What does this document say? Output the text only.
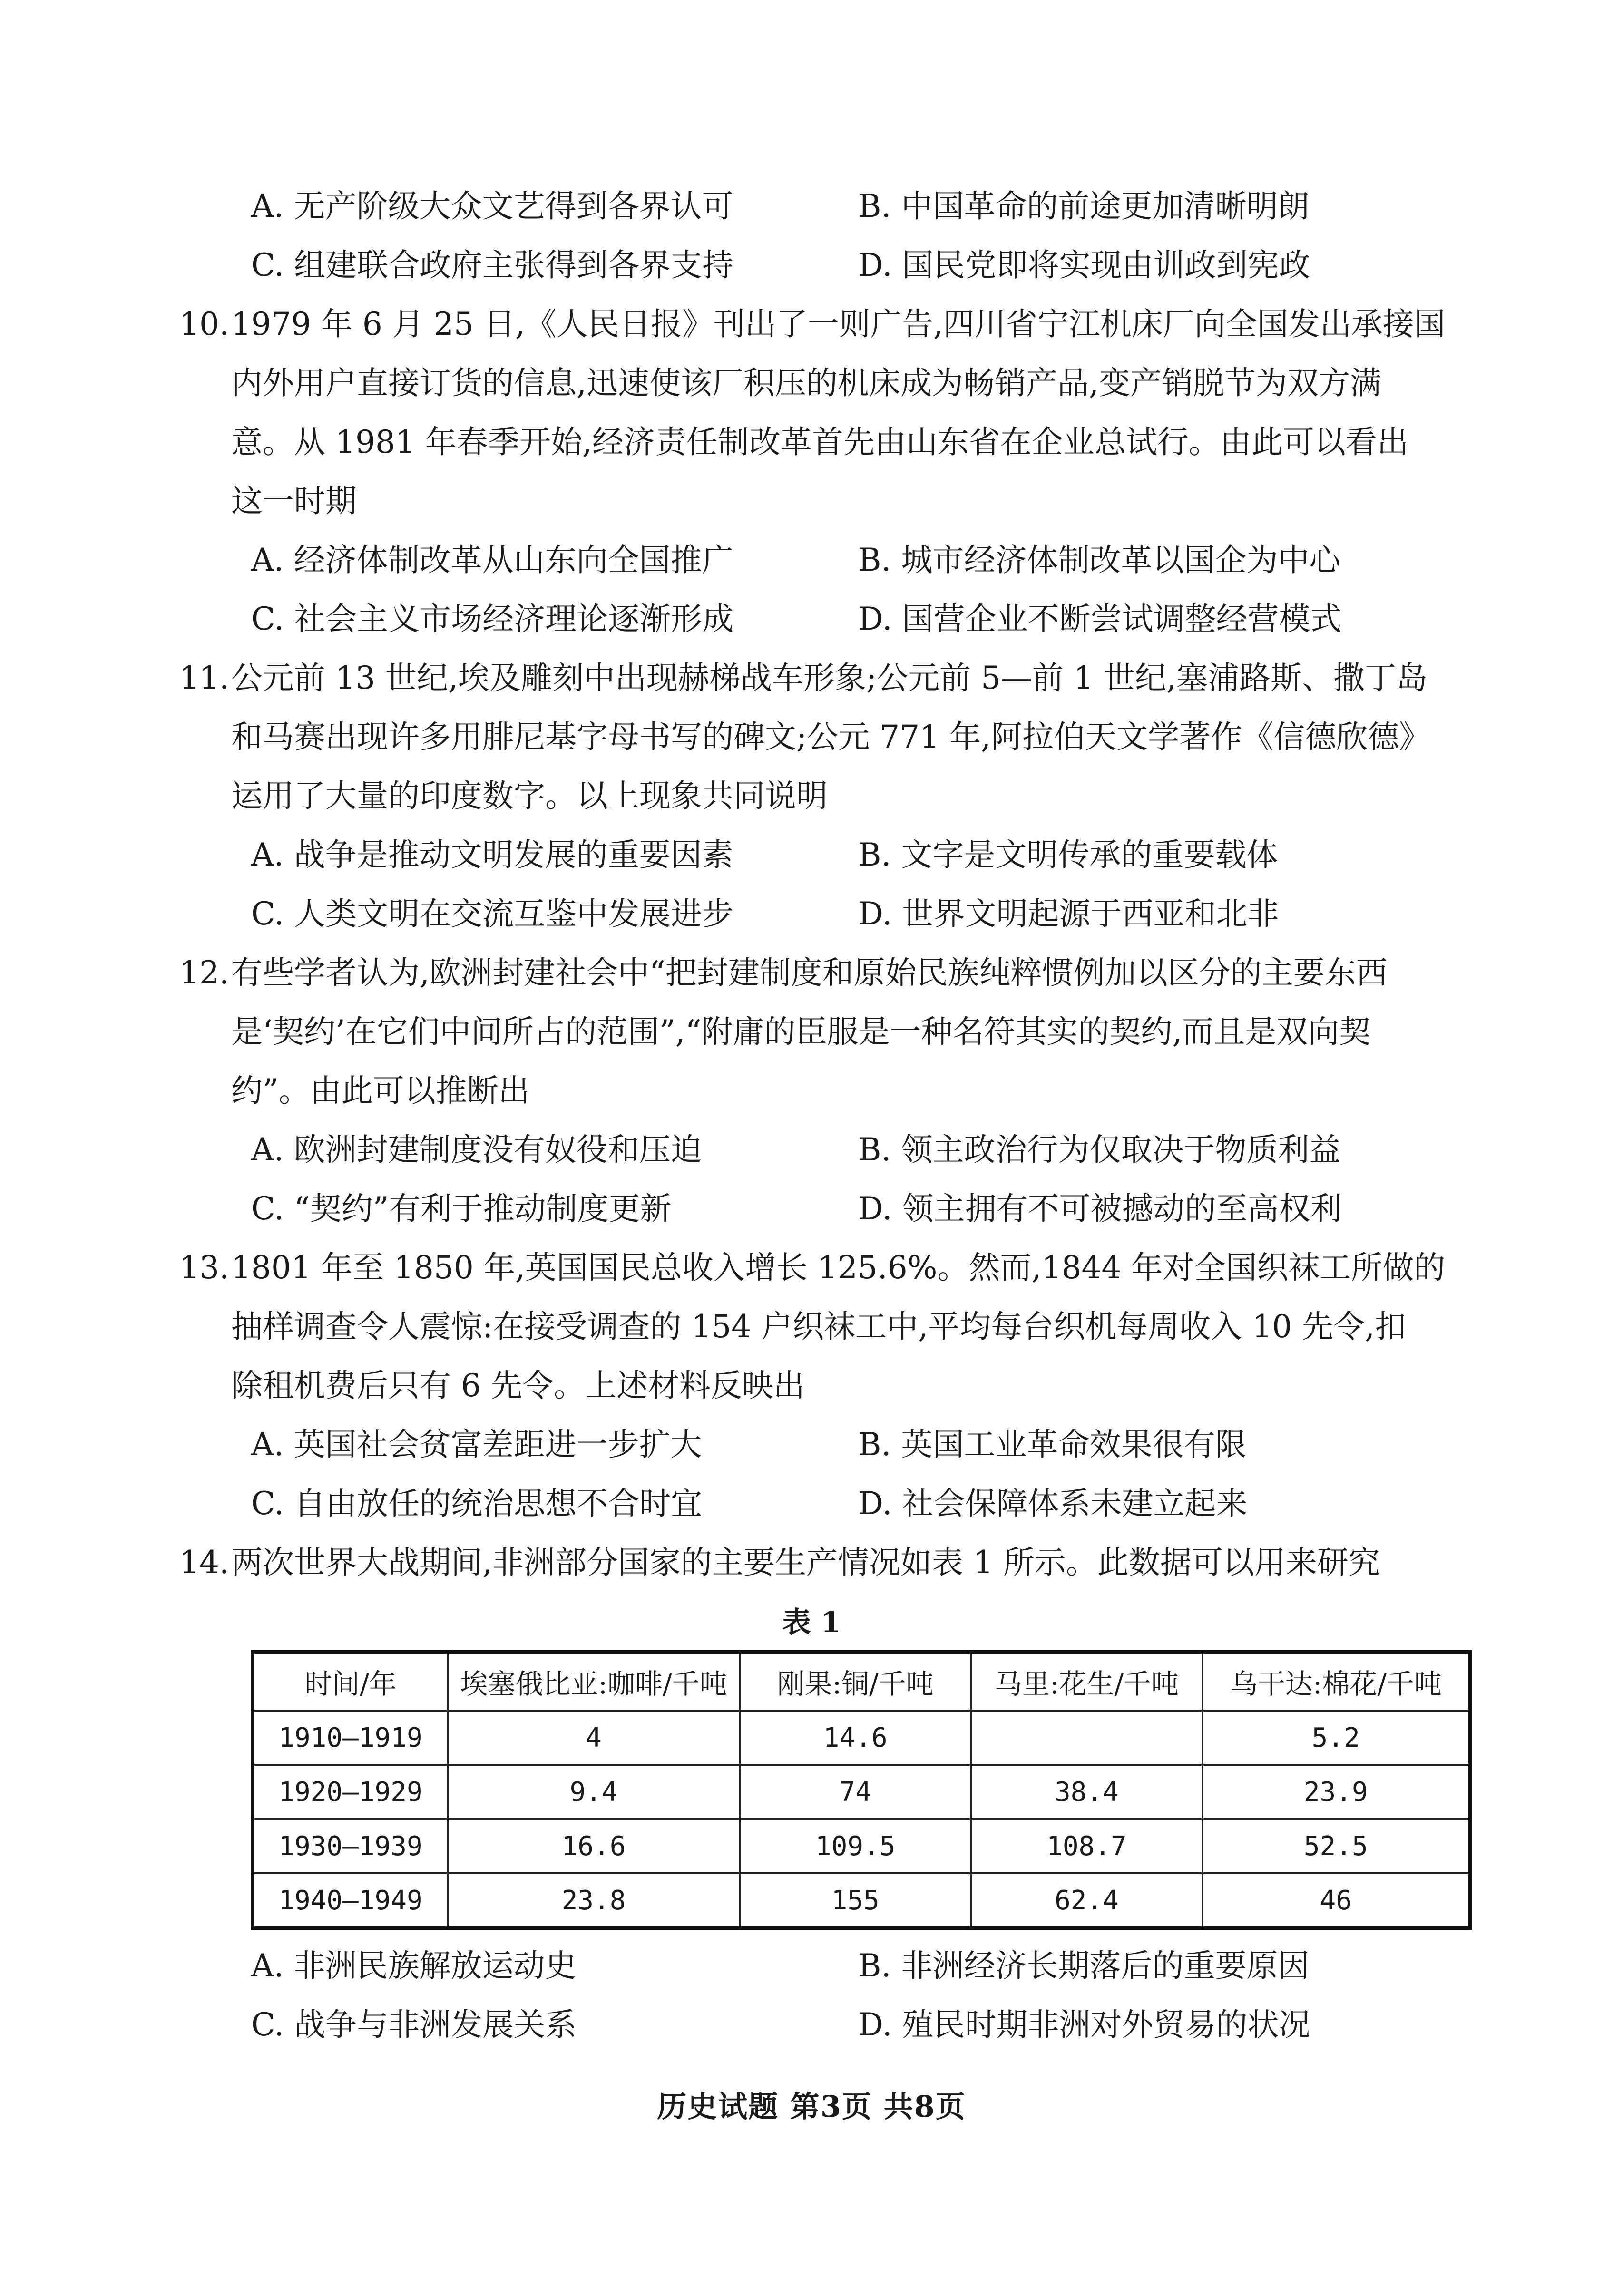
A. 无产阶级大众文艺得到各界认可	B. 中国革命的前途更加清晰明朗
C. 组建联合政府主张得到各界支持	D. 国民党即将实现由训政到宪政
10. 1979 年 6 月 25 日,《人民日报》刊出了一则广告,四川省宁江机床厂向全国发出承接国
内外用户直接订货的信息,迅速使该厂积压的机床成为畅销产品,变产销脱节为双方满
意。从 1981 年春季开始,经济责任制改革首先由山东省在企业总试行。由此可以看出
这一时期
A. 经济体制改革从山东向全国推广	B. 城市经济体制改革以国企为中心
C. 社会主义市场经济理论逐渐形成	D. 国营企业不断尝试调整经营模式
11. 公元前 13 世纪,埃及雕刻中出现赫梯战车形象;公元前 5—前 1 世纪,塞浦路斯、撒丁岛
和马赛出现许多用腓尼基字母书写的碑文;公元 771 年,阿拉伯天文学著作《信德欣德》
运用了大量的印度数字。以上现象共同说明
A. 战争是推动文明发展的重要因素	B. 文字是文明传承的重要载体
C. 人类文明在交流互鉴中发展进步	D. 世界文明起源于西亚和北非
12. 有些学者认为,欧洲封建社会中“把封建制度和原始民族纯粹惯例加以区分的主要东西
是‘契约’在它们中间所占的范围”,“附庸的臣服是一种名符其实的契约,而且是双向契
约”。由此可以推断出
A. 欧洲封建制度没有奴役和压迫	B. 领主政治行为仅取决于物质利益
C. “契约”有利于推动制度更新	D. 领主拥有不可被撼动的至高权利
13. 1801 年至 1850 年,英国国民总收入增长 125.6%。然而,1844 年对全国织袜工所做的
抽样调查令人震惊:在接受调查的 154 户织袜工中,平均每台织机每周收入 10 先令,扣
除租机费后只有 6 先令。上述材料反映出
A. 英国社会贫富差距进一步扩大	B. 英国工业革命效果很有限
C. 自由放任的统治思想不合时宜	D. 社会保障体系未建立起来
14. 两次世界大战期间,非洲部分国家的主要生产情况如表 1 所示。此数据可以用来研究
表 1
时间/年	埃塞俄比亚:咖啡/千吨	刚果:铜/千吨	马里:花生/千吨	乌干达:棉花/千吨
1910—1919	4	14.6		5.2
1920—1929	9.4	74	38.4	23.9
1930—1939	16.6	109.5	108.7	52.5
1940—1949	23.8	155	62.4	46
A. 非洲民族解放运动史	B. 非洲经济长期落后的重要原因
C. 战争与非洲发展关系	D. 殖民时期非洲对外贸易的状况
历史试题 第3页 共8页
